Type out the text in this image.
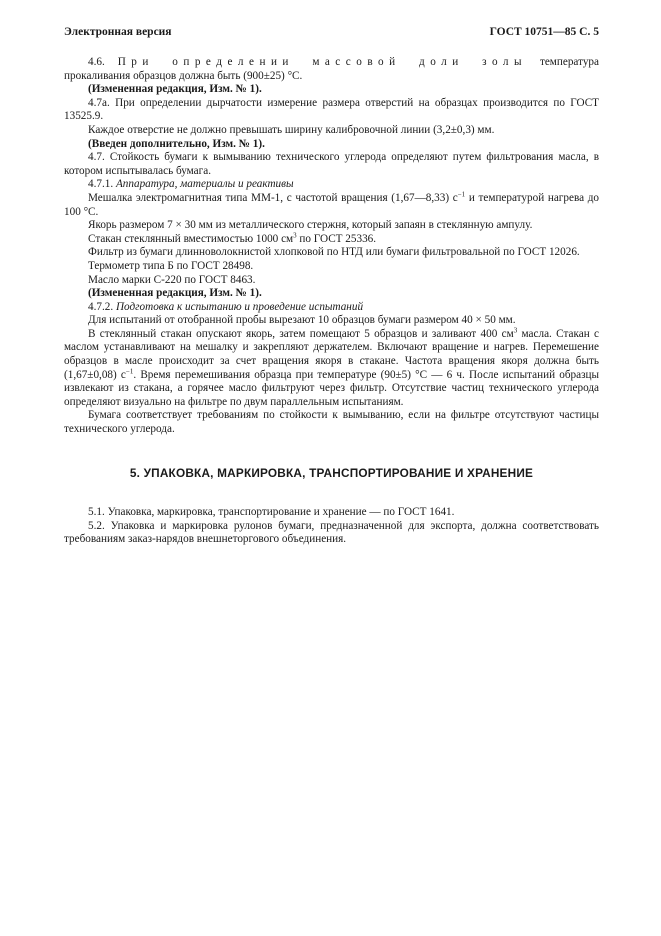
Электронная версия	ГОСТ 10751—85 С. 5

4.6. При определении массовой доли золы температура прокаливания образцов должна быть (900±25) °С.

(Измененная редакция, Изм. № 1).

4.7а. При определении дырчатости измерение размера отверстий на образцах производится по ГОСТ 13525.9.

Каждое отверстие не должно превышать ширину калибровочной линии (3,2±0,3) мм.

(Введен дополнительно, Изм. № 1).

4.7. Стойкость бумаги к вымыванию технического углерода определяют путем фильтрования масла, в котором испытывалась бумага.

4.7.1. Аппаратура, материалы и реактивы

Мешалка электромагнитная типа ММ-1, с частотой вращения (1,67—8,33) $с^{-1}$ и температурой нагрева до 100 °С.

Якорь размером 7 × 30 мм из металлического стержня, который запаян в стеклянную ампулу.

Стакан стеклянный вместимостью 1000 $см^3$ по ГОСТ 25336.

Фильтр из бумаги длинноволокнистой хлопковой по НТД или бумаги фильтровальной по ГОСТ 12026.

Термометр типа Б по ГОСТ 28498.

Масло марки С-220 по ГОСТ 8463.

(Измененная редакция, Изм. № 1).

4.7.2. Подготовка к испытанию и проведение испытаний

Для испытаний от отобранной пробы вырезают 10 образцов бумаги размером 40 × 50 мм.

В стеклянный стакан опускают якорь, затем помещают 5 образцов и заливают 400 $см^3$ масла. Стакан с маслом устанавливают на мешалку и закрепляют держателем. Включают вращение и нагрев. Перемешение образцов в масле происходит за счет вращения якоря в стакане. Частота вращения якоря должна быть (1,67±0,08) $с^{-1}$. Время перемешивания образца при температуре (90±5) °С — 6 ч. После испытаний образцы извлекают из стакана, а горячее масло фильтруют через фильтр. Отсутствие частиц технического углерода определяют визуально на фильтре по двум параллельным испытаниям.

Бумага соответствует требованиям по стойкости к вымыванию, если на фильтре отсутствуют частицы технического углерода.

5. УПАКОВКА, МАРКИРОВКА, ТРАНСПОРТИРОВАНИЕ И ХРАНЕНИЕ

5.1. Упаковка, маркировка, транспортирование и хранение — по ГОСТ 1641.

5.2. Упаковка и маркировка рулонов бумаги, предназначенной для экспорта, должна соответствовать требованиям заказ-нарядов внешнеторгового объединения.
